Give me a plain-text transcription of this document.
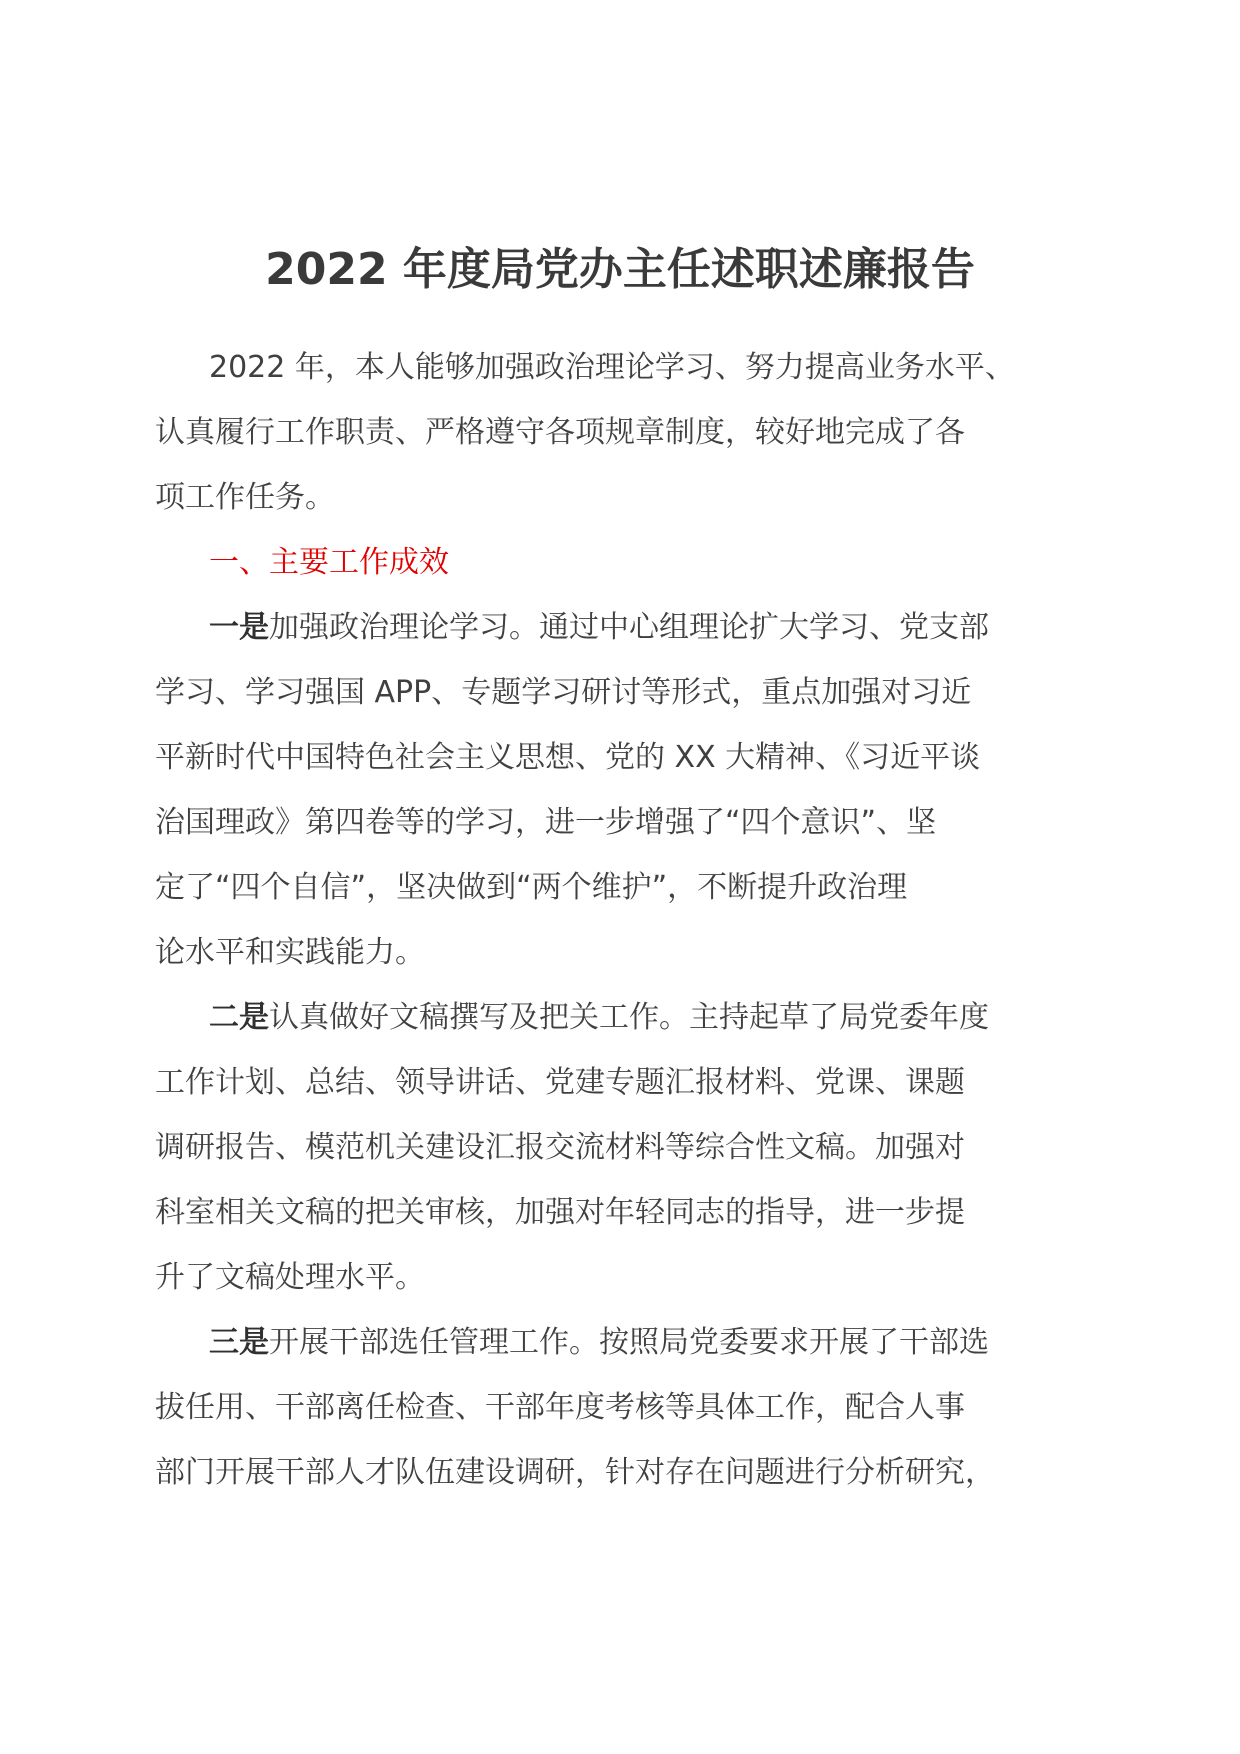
2022 年度局党办主任述职述廉报告
2022 年，本人能够加强政治理论学习、努力提高业务水平、
认真履行工作职责、严格遵守各项规章制度，较好地完成了各
项工作任务。
一、主要工作成效
一是加强政治理论学习。通过中心组理论扩大学习、党支部
学习、学习强国 APP、专题学习研讨等形式，重点加强对习近
平新时代中国特色社会主义思想、党的 XX 大精神、《习近平谈
治国理政》第四卷等的学习，进一步增强了“四个意识”、坚
定了“四个自信”，坚决做到“两个维护”，不断提升政治理
论水平和实践能力。
二是认真做好文稿撰写及把关工作。主持起草了局党委年度
工作计划、总结、领导讲话、党建专题汇报材料、党课、课题
调研报告、模范机关建设汇报交流材料等综合性文稿。加强对
科室相关文稿的把关审核，加强对年轻同志的指导，进一步提
升了文稿处理水平。
三是开展干部选任管理工作。按照局党委要求开展了干部选
拔任用、干部离任检查、干部年度考核等具体工作，配合人事
部门开展干部人才队伍建设调研，针对存在问题进行分析研究，
